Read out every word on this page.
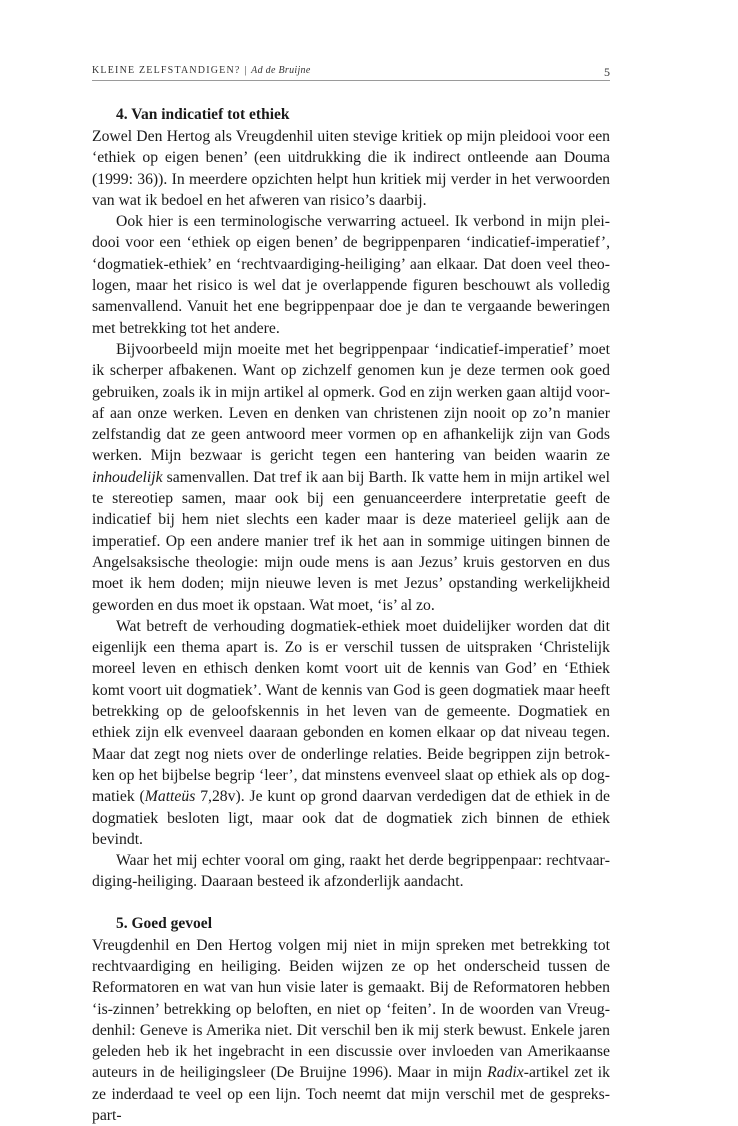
KLEINE ZELFSTANDIGEN? | Ad de Bruijne	5
4. Van indicatief tot ethiek

Zowel Den Hertog als Vreugdenhil uiten stevige kritiek op mijn pleidooi voor een ‘ethiek op eigen benen’ (een uitdrukking die ik indirect ontleende aan Douma (1999: 36)). In meerdere opzichten helpt hun kritiek mij verder in het verwoorden van wat ik bedoel en het afweren van risico’s daarbij.

Ook hier is een terminologische verwarring actueel. Ik verbond in mijn pleidooi voor een ‘ethiek op eigen benen’ de begrippenparen ‘indicatief-imperatief’, ‘dogmatiek-ethiek’ en ‘rechtvaardiging-heiliging’ aan elkaar. Dat doen veel theologen, maar het risico is wel dat je overlappende figuren beschouwt als volledig samenvallend. Vanuit het ene begrippenpaar doe je dan te vergaande beweringen met betrekking tot het andere.

Bijvoorbeeld mijn moeite met het begrippenpaar ‘indicatief-imperatief’ moet ik scherper afbakenen. Want op zichzelf genomen kun je deze termen ook goed gebruiken, zoals ik in mijn artikel al opmerk. God en zijn werken gaan altijd vooraf aan onze werken. Leven en denken van christenen zijn nooit op zo’n manier zelfstandig dat ze geen antwoord meer vormen op en afhankelijk zijn van Gods werken. Mijn bezwaar is gericht tegen een hantering van beiden waarin ze inhoudelijk samenvallen. Dat tref ik aan bij Barth. Ik vatte hem in mijn artikel wel te stereotiep samen, maar ook bij een genuanceerdere interpretatie geeft de indicatief bij hem niet slechts een kader maar is deze materieel gelijk aan de imperatief. Op een andere manier tref ik het aan in sommige uitingen binnen de Angelsaksische theologie: mijn oude mens is aan Jezus’ kruis gestorven en dus moet ik hem doden; mijn nieuwe leven is met Jezus’ opstanding werkelijkheid geworden en dus moet ik opstaan. Wat moet, ‘is’ al zo.

Wat betreft de verhouding dogmatiek-ethiek moet duidelijker worden dat dit eigenlijk een thema apart is. Zo is er verschil tussen de uitspraken ‘Christelijk moreel leven en ethisch denken komt voort uit de kennis van God’ en ‘Ethiek komt voort uit dogmatiek’. Want de kennis van God is geen dogmatiek maar heeft betrekking op de geloofskennis in het leven van de gemeente. Dogmatiek en ethiek zijn elk evenveel daaraan gebonden en komen elkaar op dat niveau tegen. Maar dat zegt nog niets over de onderlinge relaties. Beide begrippen zijn betrokken op het bijbelse begrip ‘leer’, dat minstens evenveel slaat op ethiek als op dogmatiek (Matteüs 7,28v). Je kunt op grond daarvan verdedigen dat de ethiek in de dogmatiek besloten ligt, maar ook dat de dogmatiek zich binnen de ethiek bevindt.

Waar het mij echter vooral om ging, raakt het derde begrippenpaar: rechtvaardiging-heiliging. Daaraan besteed ik afzonderlijk aandacht.

5. Goed gevoel

Vreugdenhil en Den Hertog volgen mij niet in mijn spreken met betrekking tot rechtvaardiging en heiliging. Beiden wijzen ze op het onderscheid tussen de Reformatoren en wat van hun visie later is gemaakt. Bij de Reformatoren hebben ‘is-zinnen’ betrekking op beloften, en niet op ‘feiten’. In de woorden van Vreugdenhil: Geneve is Amerika niet. Dit verschil ben ik mij sterk bewust. Enkele jaren geleden heb ik het ingebracht in een discussie over invloeden van Amerikaanse auteurs in de heiligingsleer (De Bruijne 1996). Maar in mijn Radix-artikel zet ik ze inderdaad te veel op een lijn. Toch neemt dat mijn verschil met de gesprekspart-
